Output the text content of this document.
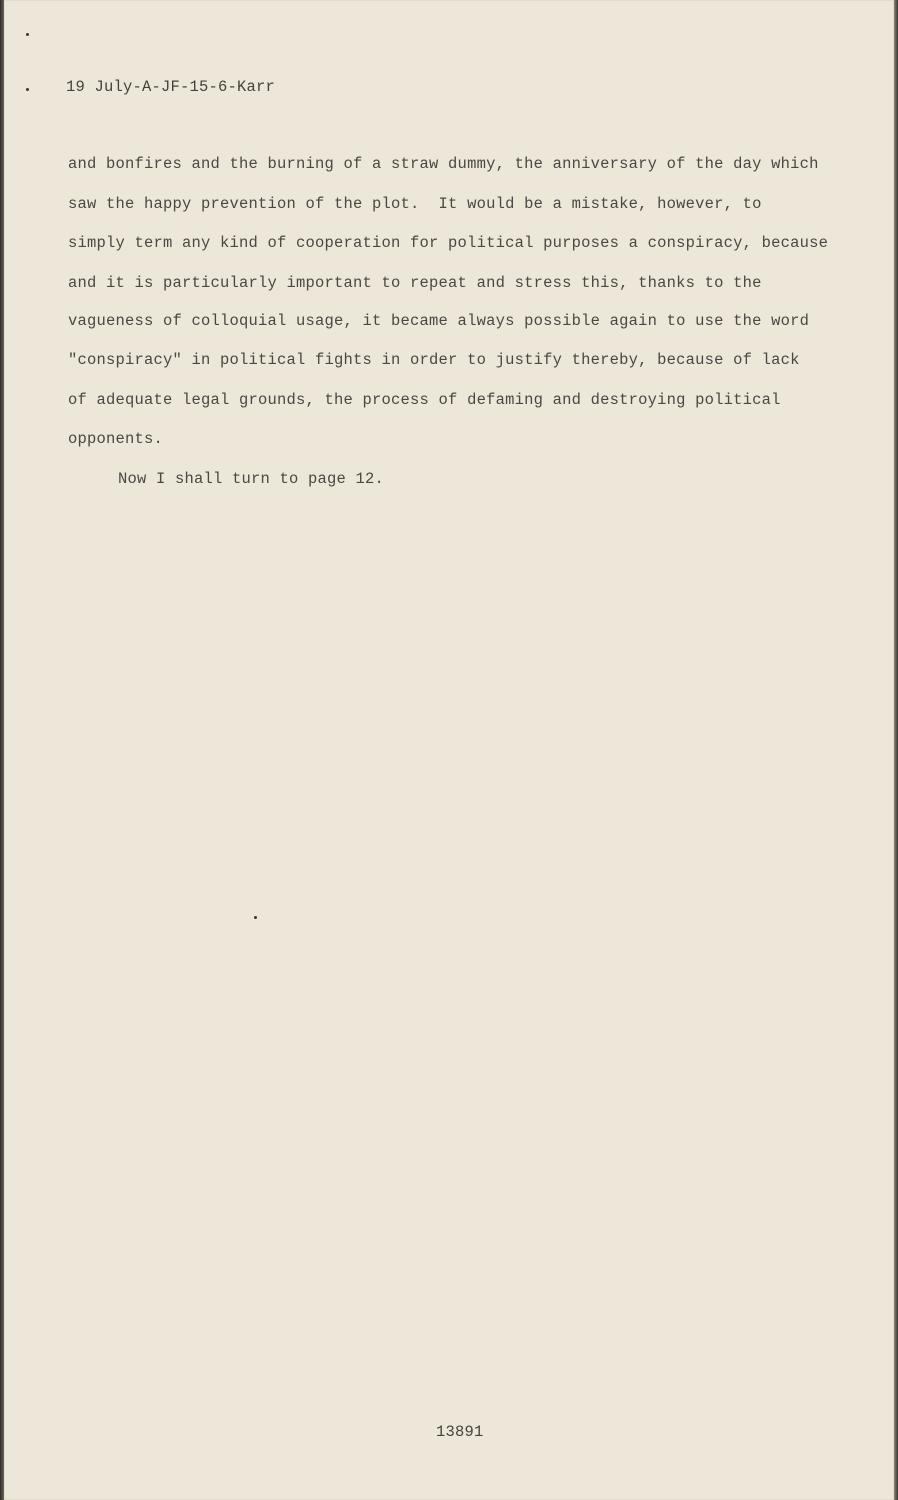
19 July-A-JF-15-6-Karr
and bonfires and the burning of a straw dummy, the anniversary of the day which
saw the happy prevention of the plot.  It would be a mistake, however, to
simply term any kind of cooperation for political purposes a conspiracy, because
and it is particularly important to repeat and stress this, thanks to the
vagueness of colloquial usage, it became always possible again to use the word
"conspiracy" in political fights in order to justify thereby, because of lack
of adequate legal grounds, the process of defaming and destroying political
opponents.
Now I shall turn to page 12.
13891
